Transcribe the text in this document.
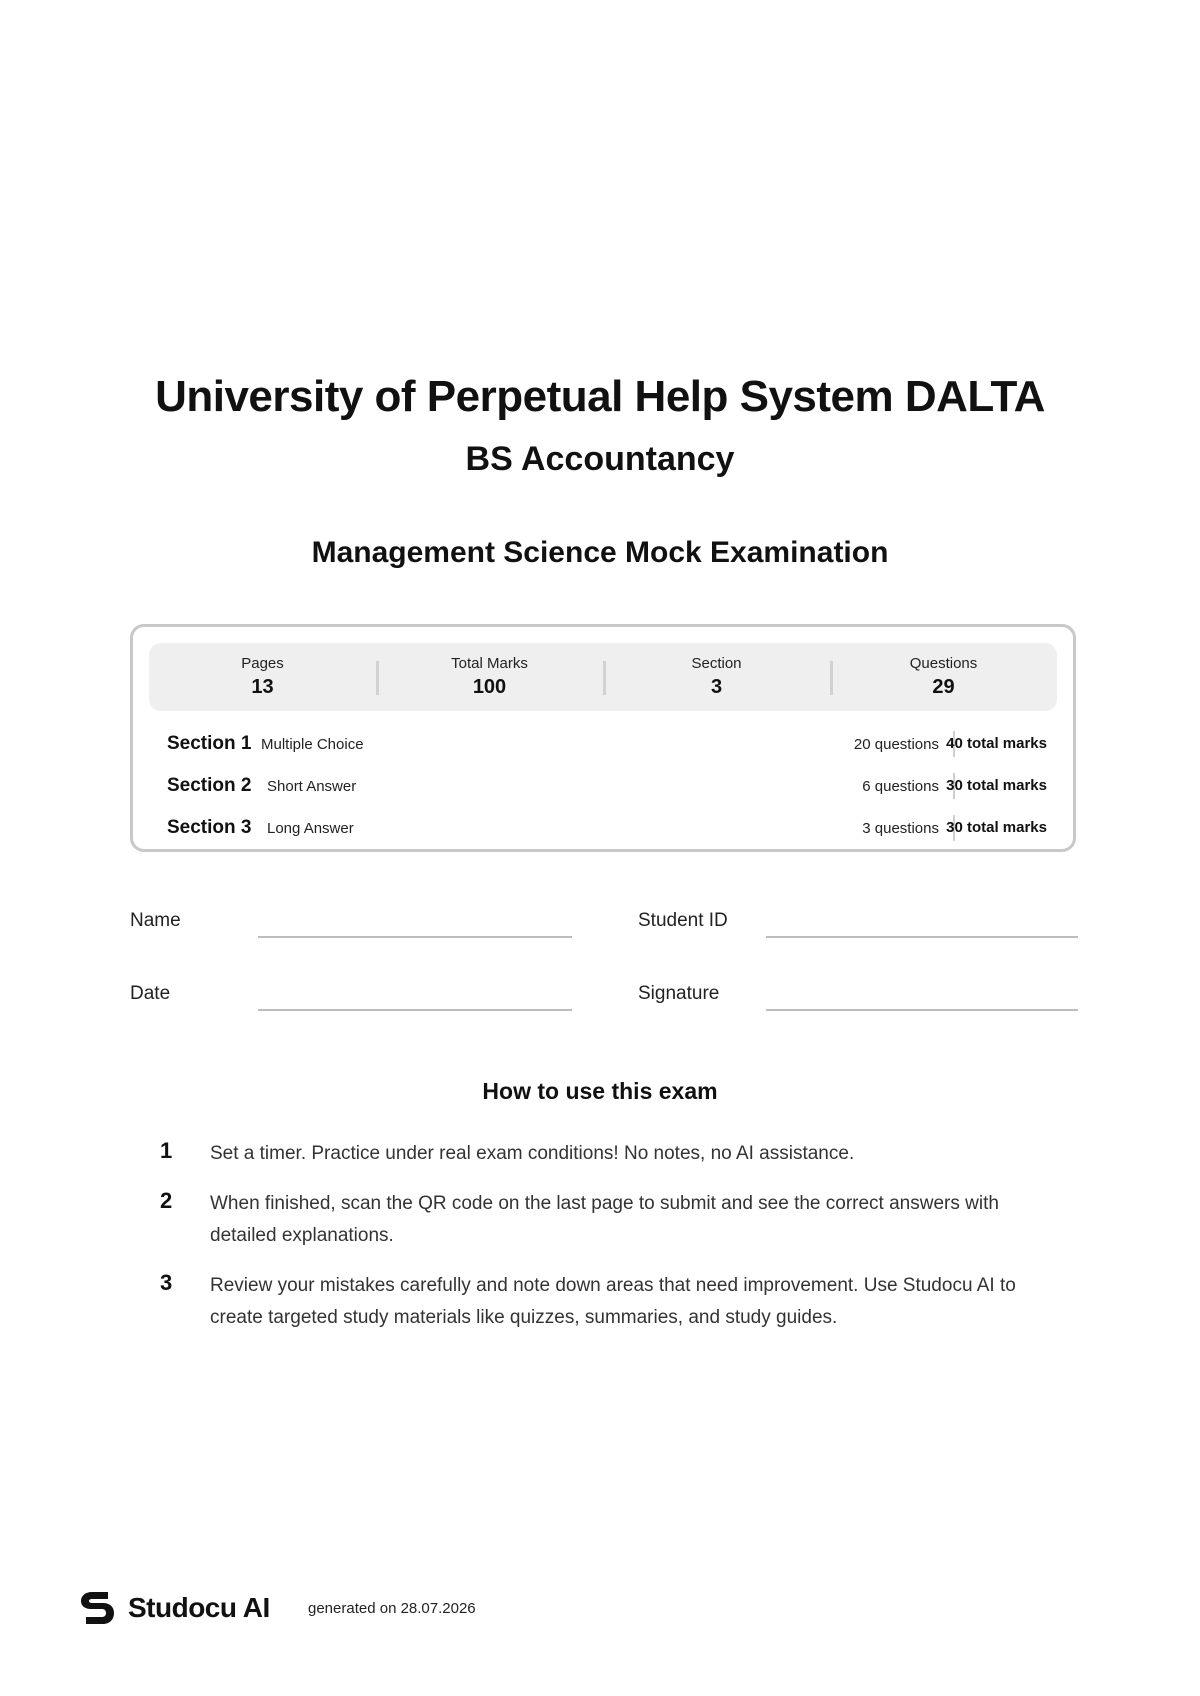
University of Perpetual Help System DALTA
BS Accountancy
Management Science Mock Examination
Pages
13
Total Marks
100
Section
3
Questions
29
Section 1 Multiple Choice	20 questions 40 total marks
Section 2 Short Answer	6 questions 30 total marks
Section 3 Long Answer	3 questions 30 total marks
Name	Student ID
Date	Signature
How to use this exam
1 Set a timer. Practice under real exam conditions! No notes, no AI assistance.
2 When finished, scan the QR code on the last page to submit and see the correct answers with detailed explanations.
3 Review your mistakes carefully and note down areas that need improvement. Use Studocu AI to create targeted study materials like quizzes, summaries, and study guides.
Studocu AI	generated on 28.07.2026
